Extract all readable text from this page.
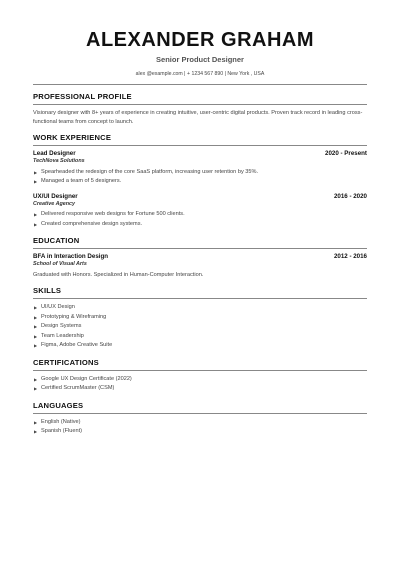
ALEXANDER GRAHAM
Senior Product Designer
alex @example.com | + 1234 567 890 | New York , USA
PROFESSIONAL PROFILE

Visionary designer with 8+ years of experience in creating intuitive, user-centric digital products. Proven track record in leading cross-functional teams from concept to launch.

WORK EXPERIENCE
Lead Designer	2020 - Present
TechNova Solutions
▶ Spearheaded the redesign of the core SaaS platform, increasing user retention by 35%.
▶ Managed a team of 5 designers.
UX/UI Designer	2016 - 2020
Creative Agency
▶ Delivered responsive web designs for Fortune 500 clients.
▶ Created comprehensive design systems.
EDUCATION
BFA in Interaction Design	2012 - 2016
School of Visual Arts

Graduated with Honors. Specialized in Human-Computer Interaction.

SKILLS
▶ UI/UX Design
▶ Prototyping & Wireframing
▶ Design Systems
▶ Team Leadership
▶ Figma, Adobe Creative Suite
CERTIFICATIONS
▶ Google UX Design Certificate (2022)
▶ Certified ScrumMaster (CSM)
LANGUAGES
▶ English (Native)
▶ Spanish (Fluent)
